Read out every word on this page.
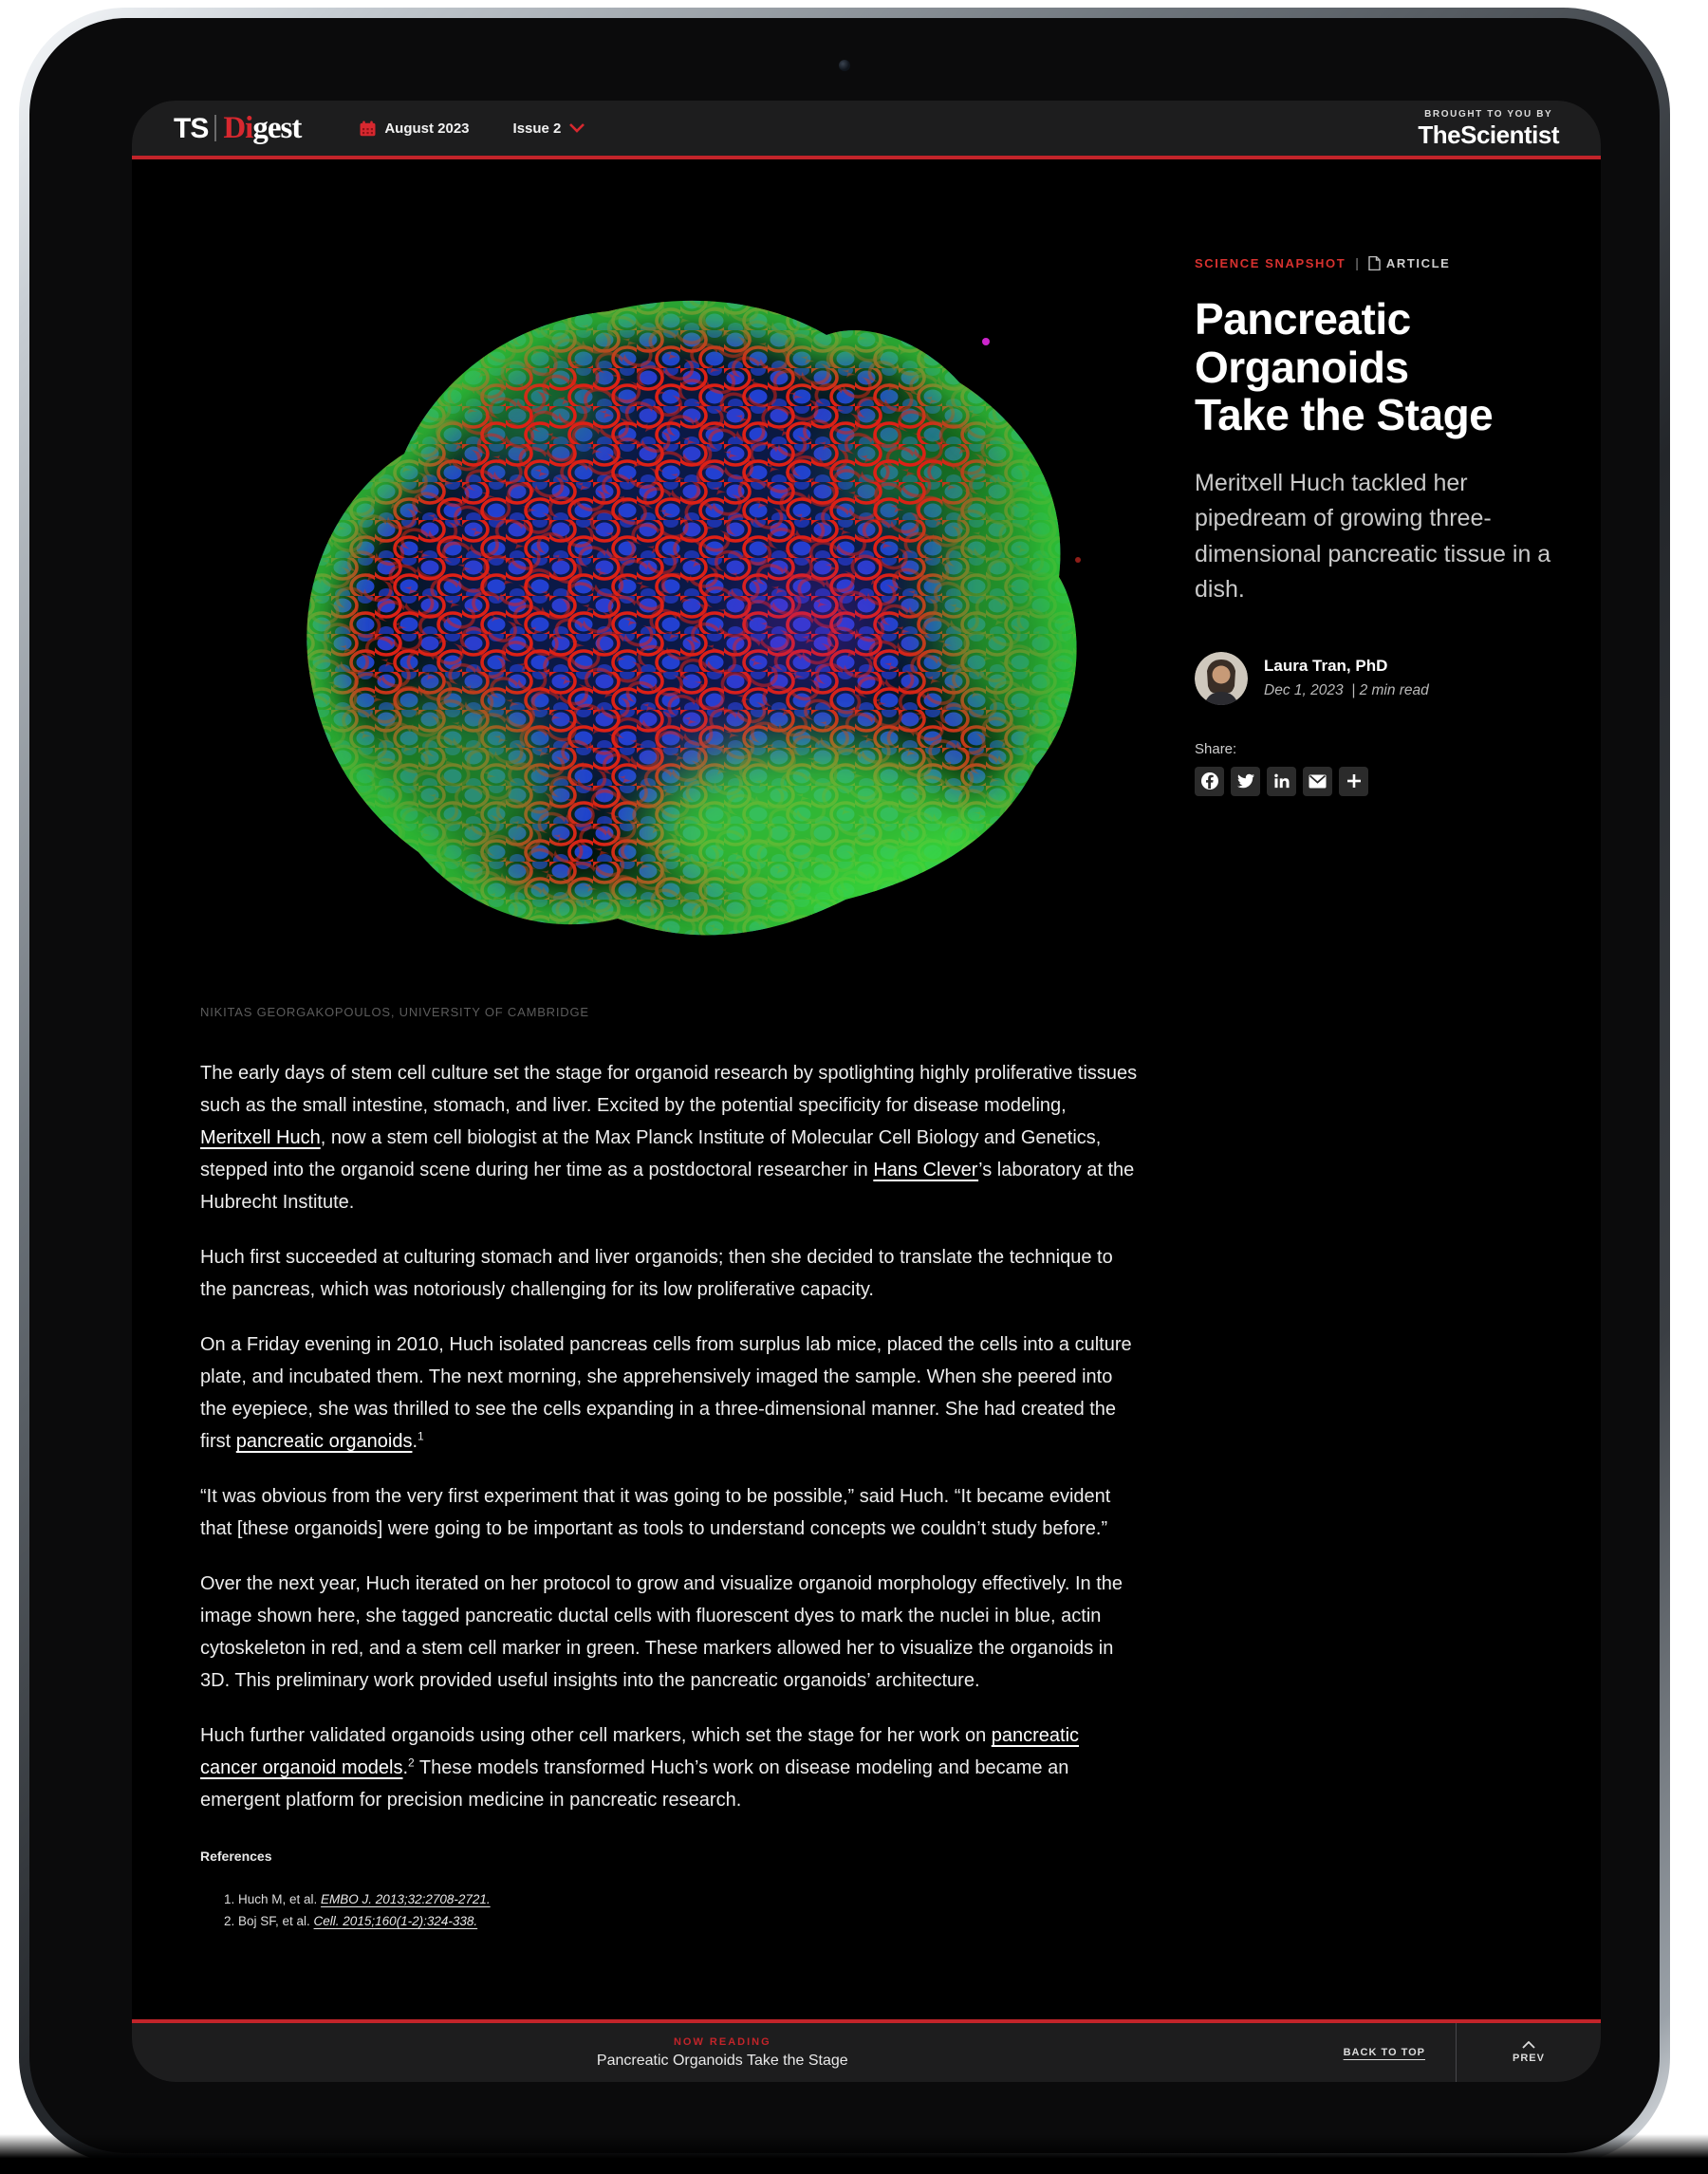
TS Digest	August 2023	Issue 2
BROUGHT TO YOU BY
TheScientist
NIKITAS GEORGAKOPOULOS, UNIVERSITY OF CAMBRIDGE

The early days of stem cell culture set the stage for organoid research by spotlighting highly proliferative tissues such as the small intestine, stomach, and liver. Excited by the potential specificity for disease modeling, Meritxell Huch, now a stem cell biologist at the Max Planck Institute of Molecular Cell Biology and Genetics, stepped into the organoid scene during her time as a postdoctoral researcher in Hans Clever’s laboratory at the Hubrecht Institute.

Huch first succeeded at culturing stomach and liver organoids; then she decided to translate the technique to the pancreas, which was notoriously challenging for its low proliferative capacity.

On a Friday evening in 2010, Huch isolated pancreas cells from surplus lab mice, placed the cells into a culture plate, and incubated them. The next morning, she apprehensively imaged the sample. When she peered into the eyepiece, she was thrilled to see the cells expanding in a three-dimensional manner. She had created the first pancreatic organoids.$^1$

“It was obvious from the very first experiment that it was going to be possible,” said Huch. “It became evident that [these organoids] were going to be important as tools to understand concepts we couldn’t study before.”

Over the next year, Huch iterated on her protocol to grow and visualize organoid morphology effectively. In the image shown here, she tagged pancreatic ductal cells with fluorescent dyes to mark the nuclei in blue, actin cytoskeleton in red, and a stem cell marker in green. These markers allowed her to visualize the organoids in 3D. This preliminary work provided useful insights into the pancreatic organoids’ architecture.

Huch further validated organoids using other cell markers, which set the stage for her work on pancreatic cancer organoid models.$^2$ These models transformed Huch’s work on disease modeling and became an emergent platform for precision medicine in pancreatic research.

References
1. Huch M, et al. EMBO J. 2013;32:2708-2721.
2. Boj SF, et al. Cell. 2015;160(1-2):324-338.
SCIENCE SNAPSHOT | ARTICLE
Pancreatic Organoids Take the Stage
Meritxell Huch tackled her pipedream of growing three-dimensional pancreatic tissue in a dish.
Laura Tran, PhD
Dec 1, 2023 | 2 min read
Share:
NOW READING
Pancreatic Organoids Take the Stage	BACK TO TOP	PREV
